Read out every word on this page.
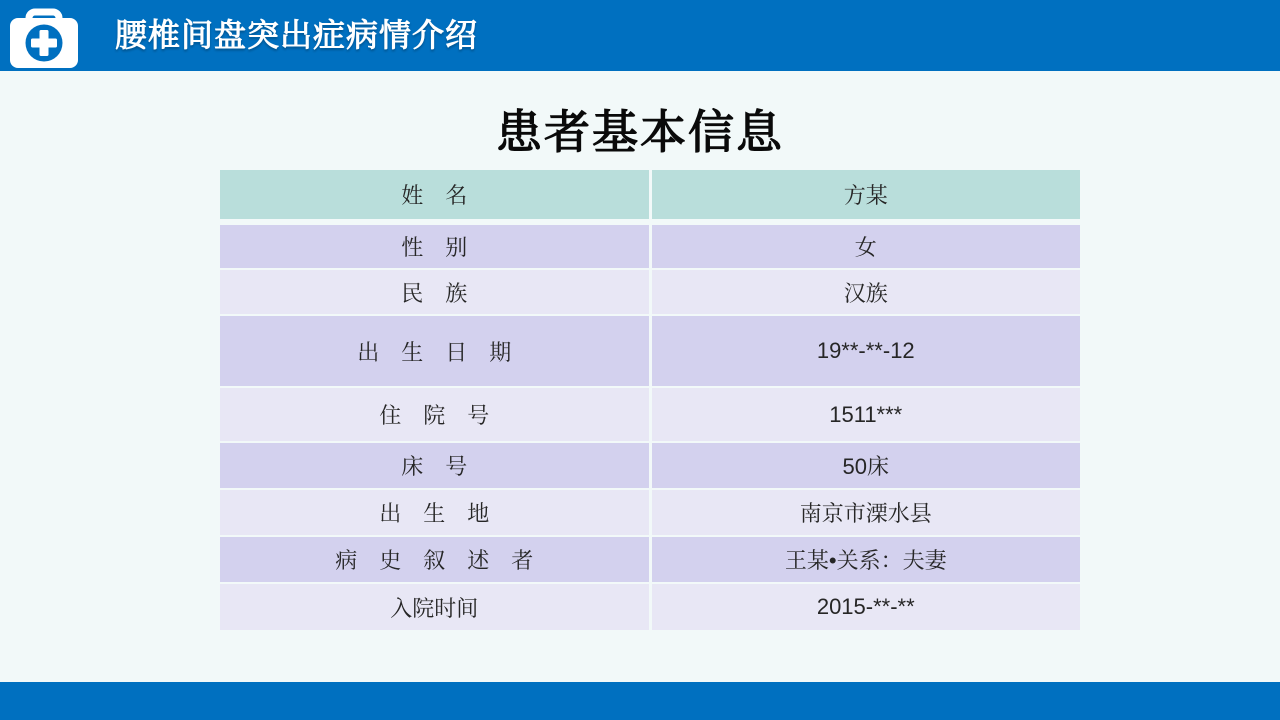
腰椎间盘突出症病情介绍
患者基本信息
姓　名	方某
性　别	女
民　族	汉族
出　生　日　期	19**-**-12
住　院　号	1511***
床　号	50床
出　生　地	南京市溧水县
病　史　叙　述　者	王某•关系：夫妻
入院时间	2015-**-**
